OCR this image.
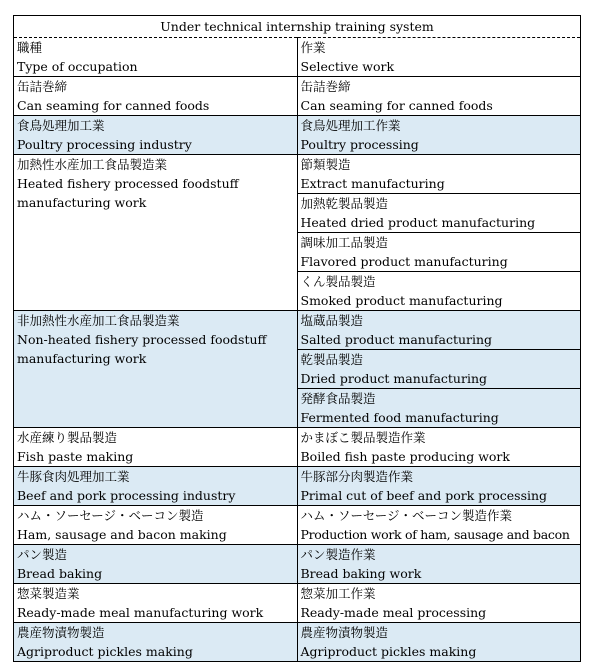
Under technical internship training system	

職種
Type of occupation	作業
Selective work

缶詰巻締
Can seaming for canned foods	缶詰巻締
Can seaming for canned foods

食鳥処理加工業
Poultry processing industry	食鳥処理加工作業
Poultry processing

加熱性水産加工食品製造業
Heated fishery processed foodstuff manufacturing work	節類製造
Extract manufacturing

	加熱乾製品製造
Heated dried product manufacturing

	調味加工品製造
Flavored product manufacturing

	くん製品製造
Smoked product manufacturing

非加熱性水産加工食品製造業
Non-heated fishery processed foodstuff manufacturing work	塩蔵品製造
Salted product manufacturing

	乾製品製造
Dried product manufacturing

	発酵食品製造
Fermented food manufacturing

水産練り製品製造
Fish paste making	かまぼこ製品製造作業
Boiled fish paste producing work

牛豚食肉処理加工業
Beef and pork processing industry	牛豚部分肉製造作業
Primal cut of beef and pork processing

ハム・ソーセージ・ベーコン製造
Ham, sausage and bacon making	ハム・ソーセージ・ベーコン製造作業
Production work of ham, sausage and bacon

パン製造
Bread baking	パン製造作業
Bread baking work

惣菜製造業
Ready-made meal manufacturing work	惣菜加工作業
Ready-made meal processing

農産物漬物製造
Agriproduct pickles making	農産物漬物製造
Agriproduct pickles making
